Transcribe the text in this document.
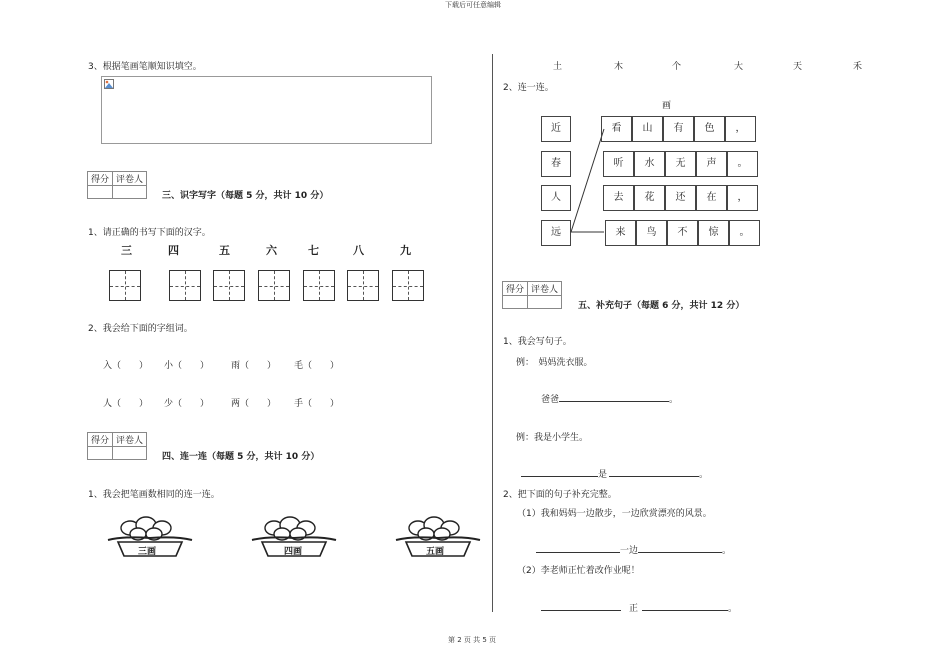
下载后可任意编辑
第 2 页 共 5 页
3、根据笔画笔顺知识填空。
得分	评卷人

三、识字写字（每题 5 分，共计 10 分）
1、请正确的书写下面的汉字。
三	四	五	六	七	八	九
2、我会给下面的字组词。
入（　　） 小（　　） 雨（　　） 毛（　　）
人（　　） 少（　　） 两（　　） 手（　　）
得分	评卷人

四、连一连（每题 5 分，共计 10 分）
1、我会把笔画数相同的连一连。
三画	四画	五画
土	木	个	大	天	禾
2、连一连。
画
近
春
人
远
看	山	有	色	，
听	水	无	声	。
去	花	还	在	，
来	鸟	不	惊	。
得分	评卷人

五、补充句子（每题 6 分，共计 12 分）
1、我会写句子。
例：　妈妈洗衣服。
爸爸	。
例：我是小学生。
是	。
2、把下面的句子补充完整。
（1）我和妈妈一边散步，一边欣赏漂亮的风景。
一边	。
（2）李老师正忙着改作业呢！
正	。
